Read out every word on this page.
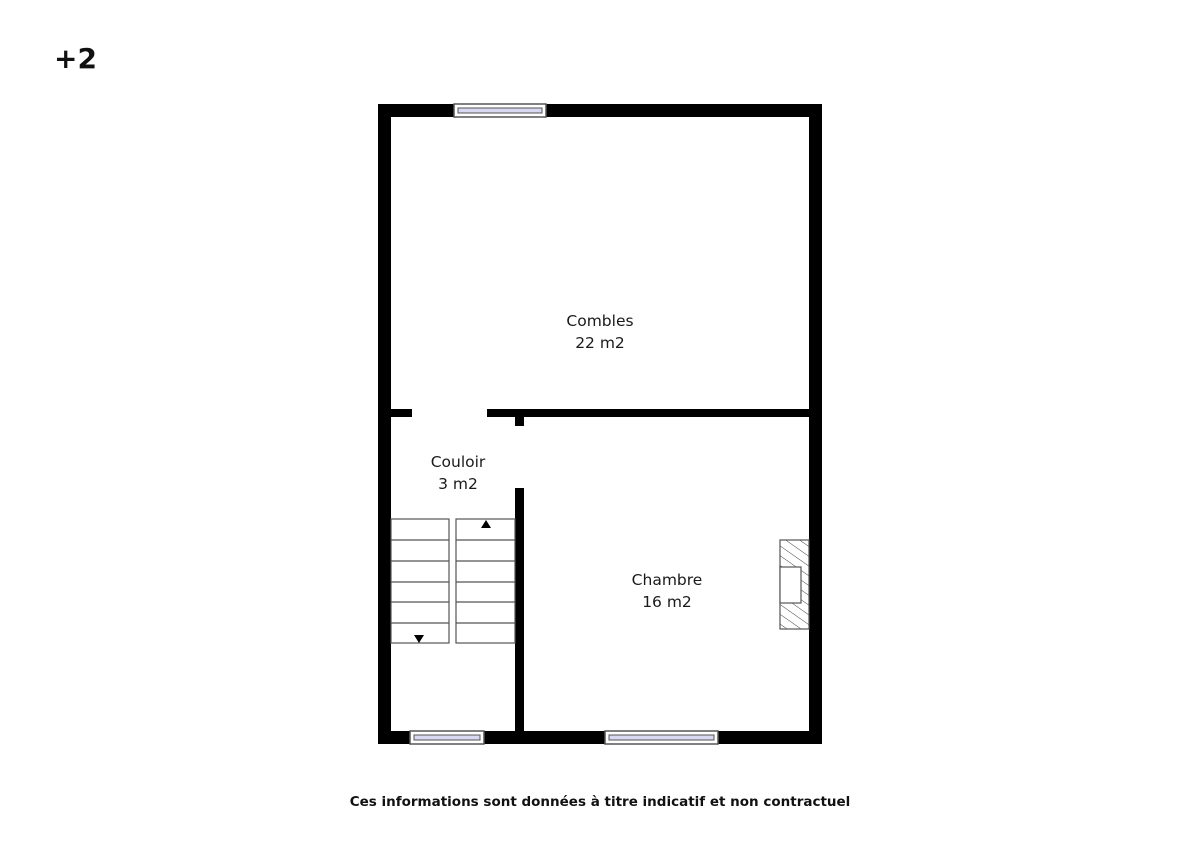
+2
Combles
22 m2
Couloir
3 m2
Chambre
16 m2
Ces informations sont données à titre indicatif et non contractuel
